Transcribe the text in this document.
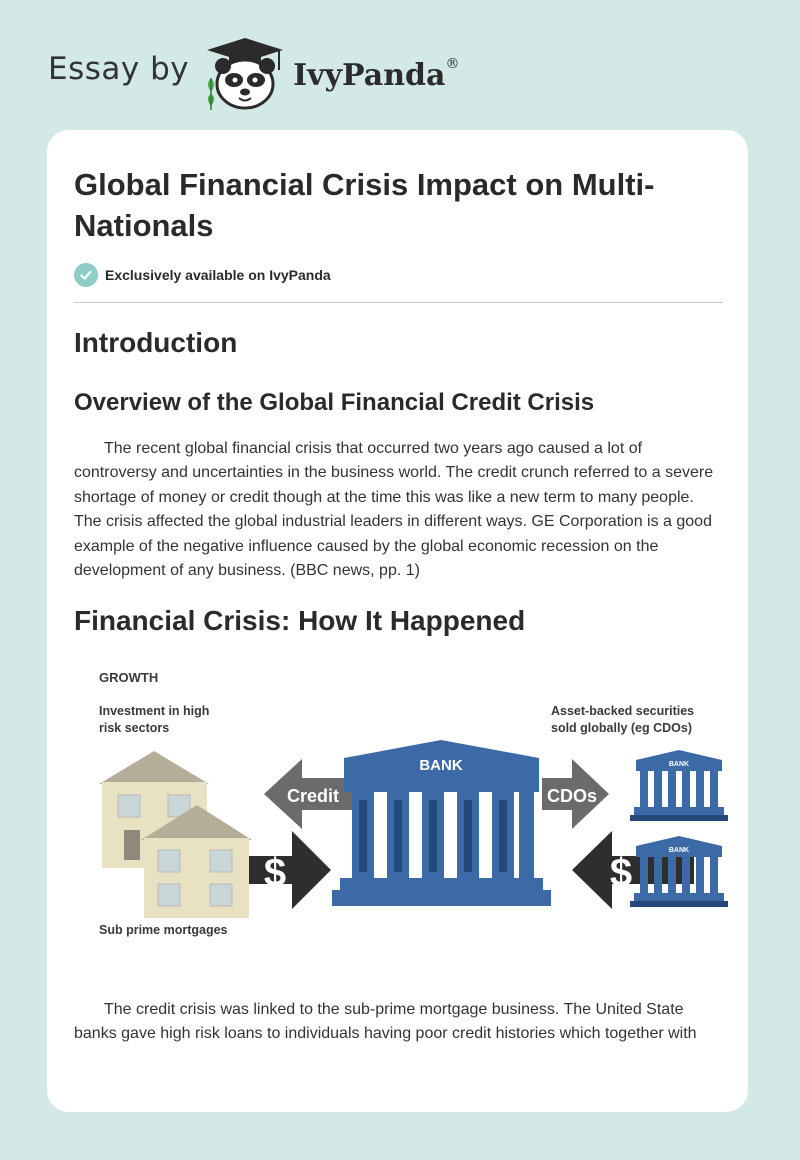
Essay by	IvyPanda®
Global Financial Crisis Impact on Multi-Nationals
Exclusively available on IvyPanda
Introduction
Overview of the Global Financial Credit Crisis

The recent global financial crisis that occurred two years ago caused a lot of controversy and uncertainties in the business world. The credit crunch referred to a severe shortage of money or credit though at the time this was like a new term to many people. The crisis affected the global industrial leaders in different ways. GE Corporation is a good example of the negative influence caused by the global economic recession on the development of any business. (BBC news, pp. 1)

Financial Crisis: How It Happened
GROWTH
Investment in high
risk sectors
Asset-backed securities
sold globally (eg CDOs)
Sub prime mortgages
$
Credit
BANK
CDOs
$
BANK
BANK

The credit crisis was linked to the sub-prime mortgage business. The United State banks gave high risk loans to individuals having poor credit histories which together with
